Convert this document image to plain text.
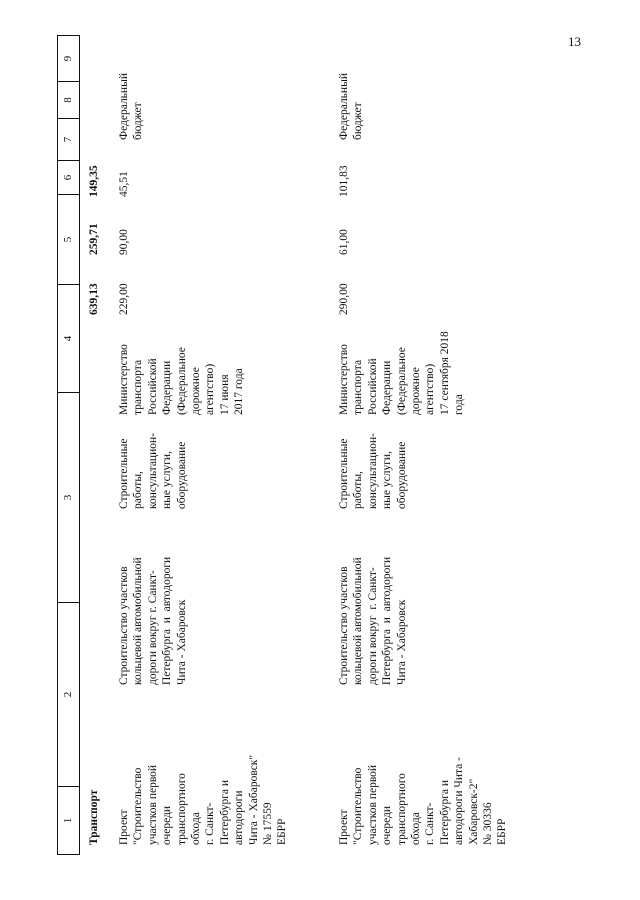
13
1
2
3
4
5
6
7
8
9
Транспорт
639,13
259,71
149,35
Проект
"Строительство
участков первой
очереди
транспортного
обхода
г. Санкт-
Петербурга и
автодороги
Чита - Хабаровск"
№ 17559
ЕБРР
Строительство участков
кольцевой автомобильной
дороги вокруг г. Санкт-
Петербурга  и  автодороги
Чита - Хабаровск
Строительные
работы,
консультацион-
ные услуги,
оборудование
Министерство
транспорта
Российской
Федерации
(Федеральное
дорожное
агентство)
17 июня
2017 года
229,00
90,00
45,51
Федеральный
бюджет
Проект
"Строительство
участков первой
очереди
транспортного
обхода
г. Санкт-
Петербурга и
автодороги Чита -
Хабаровск-2"
№ 30336
ЕБРР
Строительство участков
кольцевой автомобильной
дороги вокруг  г. Санкт-
Петербурга  и  автодороги
Чита - Хабаровск
Строительные
работы,
консультацион-
ные услуги,
оборудование
Министерство
транспорта
Российской
Федерации
(Федеральное
дорожное
агентство)
17 сентября 2018
года
290,00
61,00
101,83
Федеральный
бюджет
